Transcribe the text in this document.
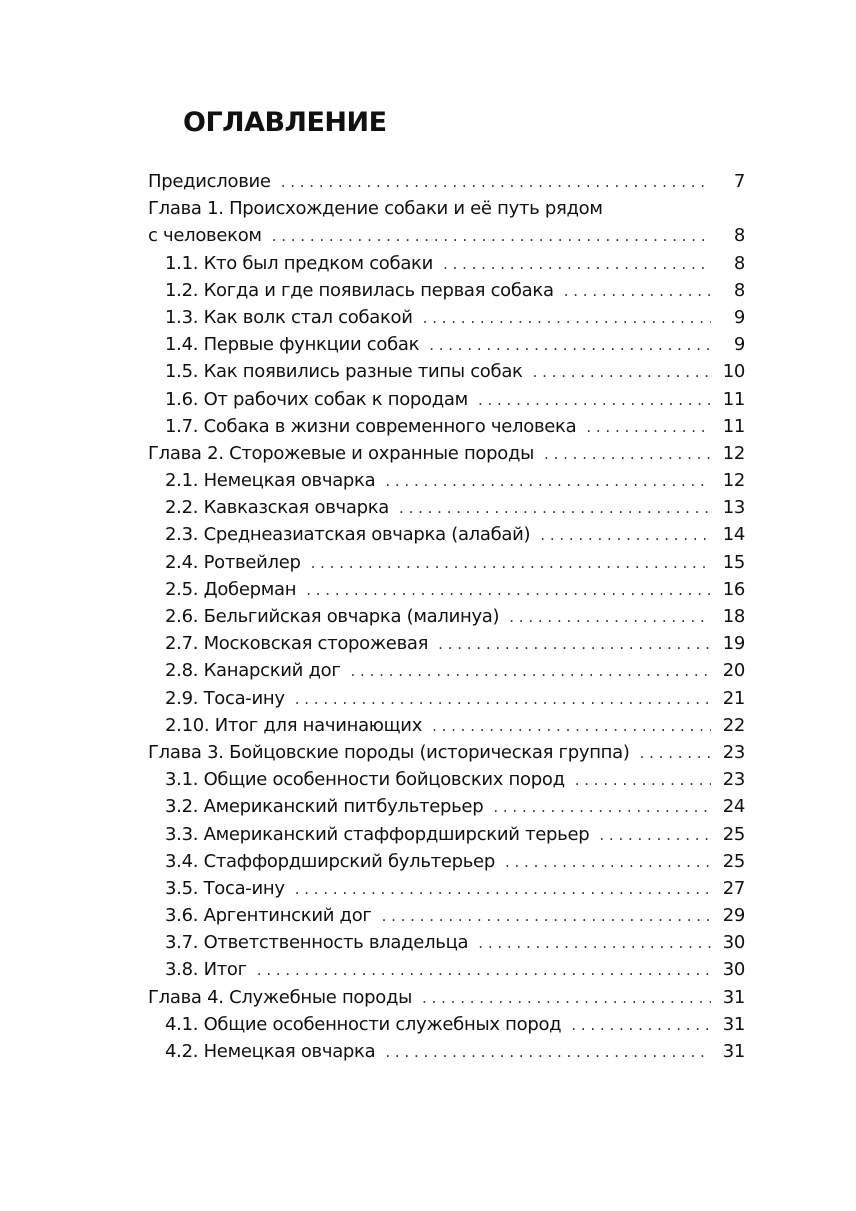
ОГЛАВЛЕНИЕ
Предисловие . . .	7
Глава 1. Происхождение собаки и её путь рядом
с человеком . . .	8
1.1. Кто был предком собаки . . .	8
1.2. Когда и где появилась первая собака . . .	8
1.3. Как волк стал собакой . . .	9
1.4. Первые функции собак . . .	9
1.5. Как появились разные типы собак . . .	10
1.6. От рабочих собак к породам . . .	11
1.7. Собака в жизни современного человека . . .	11
Глава 2. Сторожевые и охранные породы . . .	12
2.1. Немецкая овчарка . . .	12
2.2. Кавказская овчарка . . .	13
2.3. Среднеазиатская овчарка (алабай) . . .	14
2.4. Ротвейлер . . .	15
2.5. Доберман . . .	16
2.6. Бельгийская овчарка (малинуа) . . .	18
2.7. Московская сторожевая . . .	19
2.8. Канарский дог . . .	20
2.9. Тоса-ину . . .	21
2.10. Итог для начинающих . . .	22
Глава 3. Бойцовские породы (историческая группа) . . .	23
3.1. Общие особенности бойцовских пород . . .	23
3.2. Американский питбультерьер . . .	24
3.3. Американский стаффордширский терьер . . .	25
3.4. Стаффордширский бультерьер . . .	25
3.5. Тоса-ину . . .	27
3.6. Аргентинский дог . . .	29
3.7. Ответственность владельца . . .	30
3.8. Итог . . .	30
Глава 4. Служебные породы . . .	31
4.1. Общие особенности служебных пород . . .	31
4.2. Немецкая овчарка . . .	31
